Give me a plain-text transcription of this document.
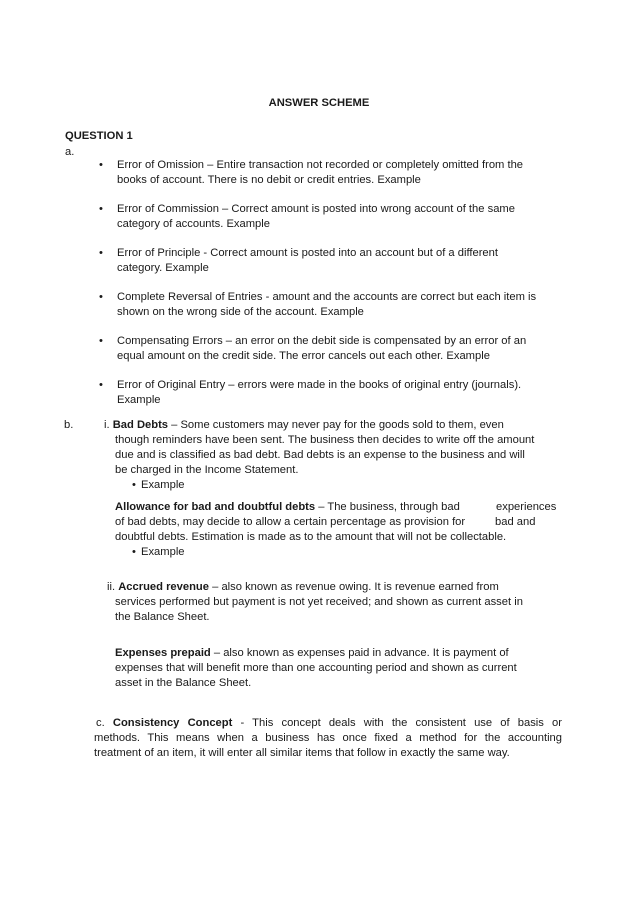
ANSWER SCHEME
QUESTION 1
a.
•	Error of Omission – Entire transaction not recorded or completely omitted from the
books of account. There is no debit or credit entries. Example
•	Error of Commission – Correct amount is posted into wrong account of the same
category of accounts. Example
•	Error of Principle - Correct amount is posted into an account but of a different
category. Example
•	Complete Reversal of Entries - amount and the accounts are correct but each item is
shown on the wrong side of the account. Example
•	Compensating Errors – an error on the debit side is compensated by an error of an
equal amount on the credit side. The error cancels out each other. Example
•	Error of Original Entry – errors were made in the books of original entry (journals).
Example
b.	i. Bad Debts – Some customers may never pay for the goods sold to them, even
though reminders have been sent. The business then decides to write off the amount
due and is classified as bad debt. Bad debts is an expense to the business and will
be charged in the Income Statement.
• Example
Allowance for bad and doubtful debts – The business, through bad	experiences
of bad debts, may decide to allow a certain percentage as provision for	bad and
doubtful debts. Estimation is made as to the amount that will not be collectable.
• Example
ii. Accrued revenue – also known as revenue owing. It is revenue earned from
services performed but payment is not yet received; and shown as current asset in
the Balance Sheet.
Expenses prepaid – also known as expenses paid in advance. It is payment of
expenses that will benefit more than one accounting period and shown as current
asset in the Balance Sheet.
c. Consistency Concept - This concept deals with the consistent use of basis or
methods. This means when a business has once fixed a method for the accounting
treatment of an item, it will enter all similar items that follow in exactly the same way.
